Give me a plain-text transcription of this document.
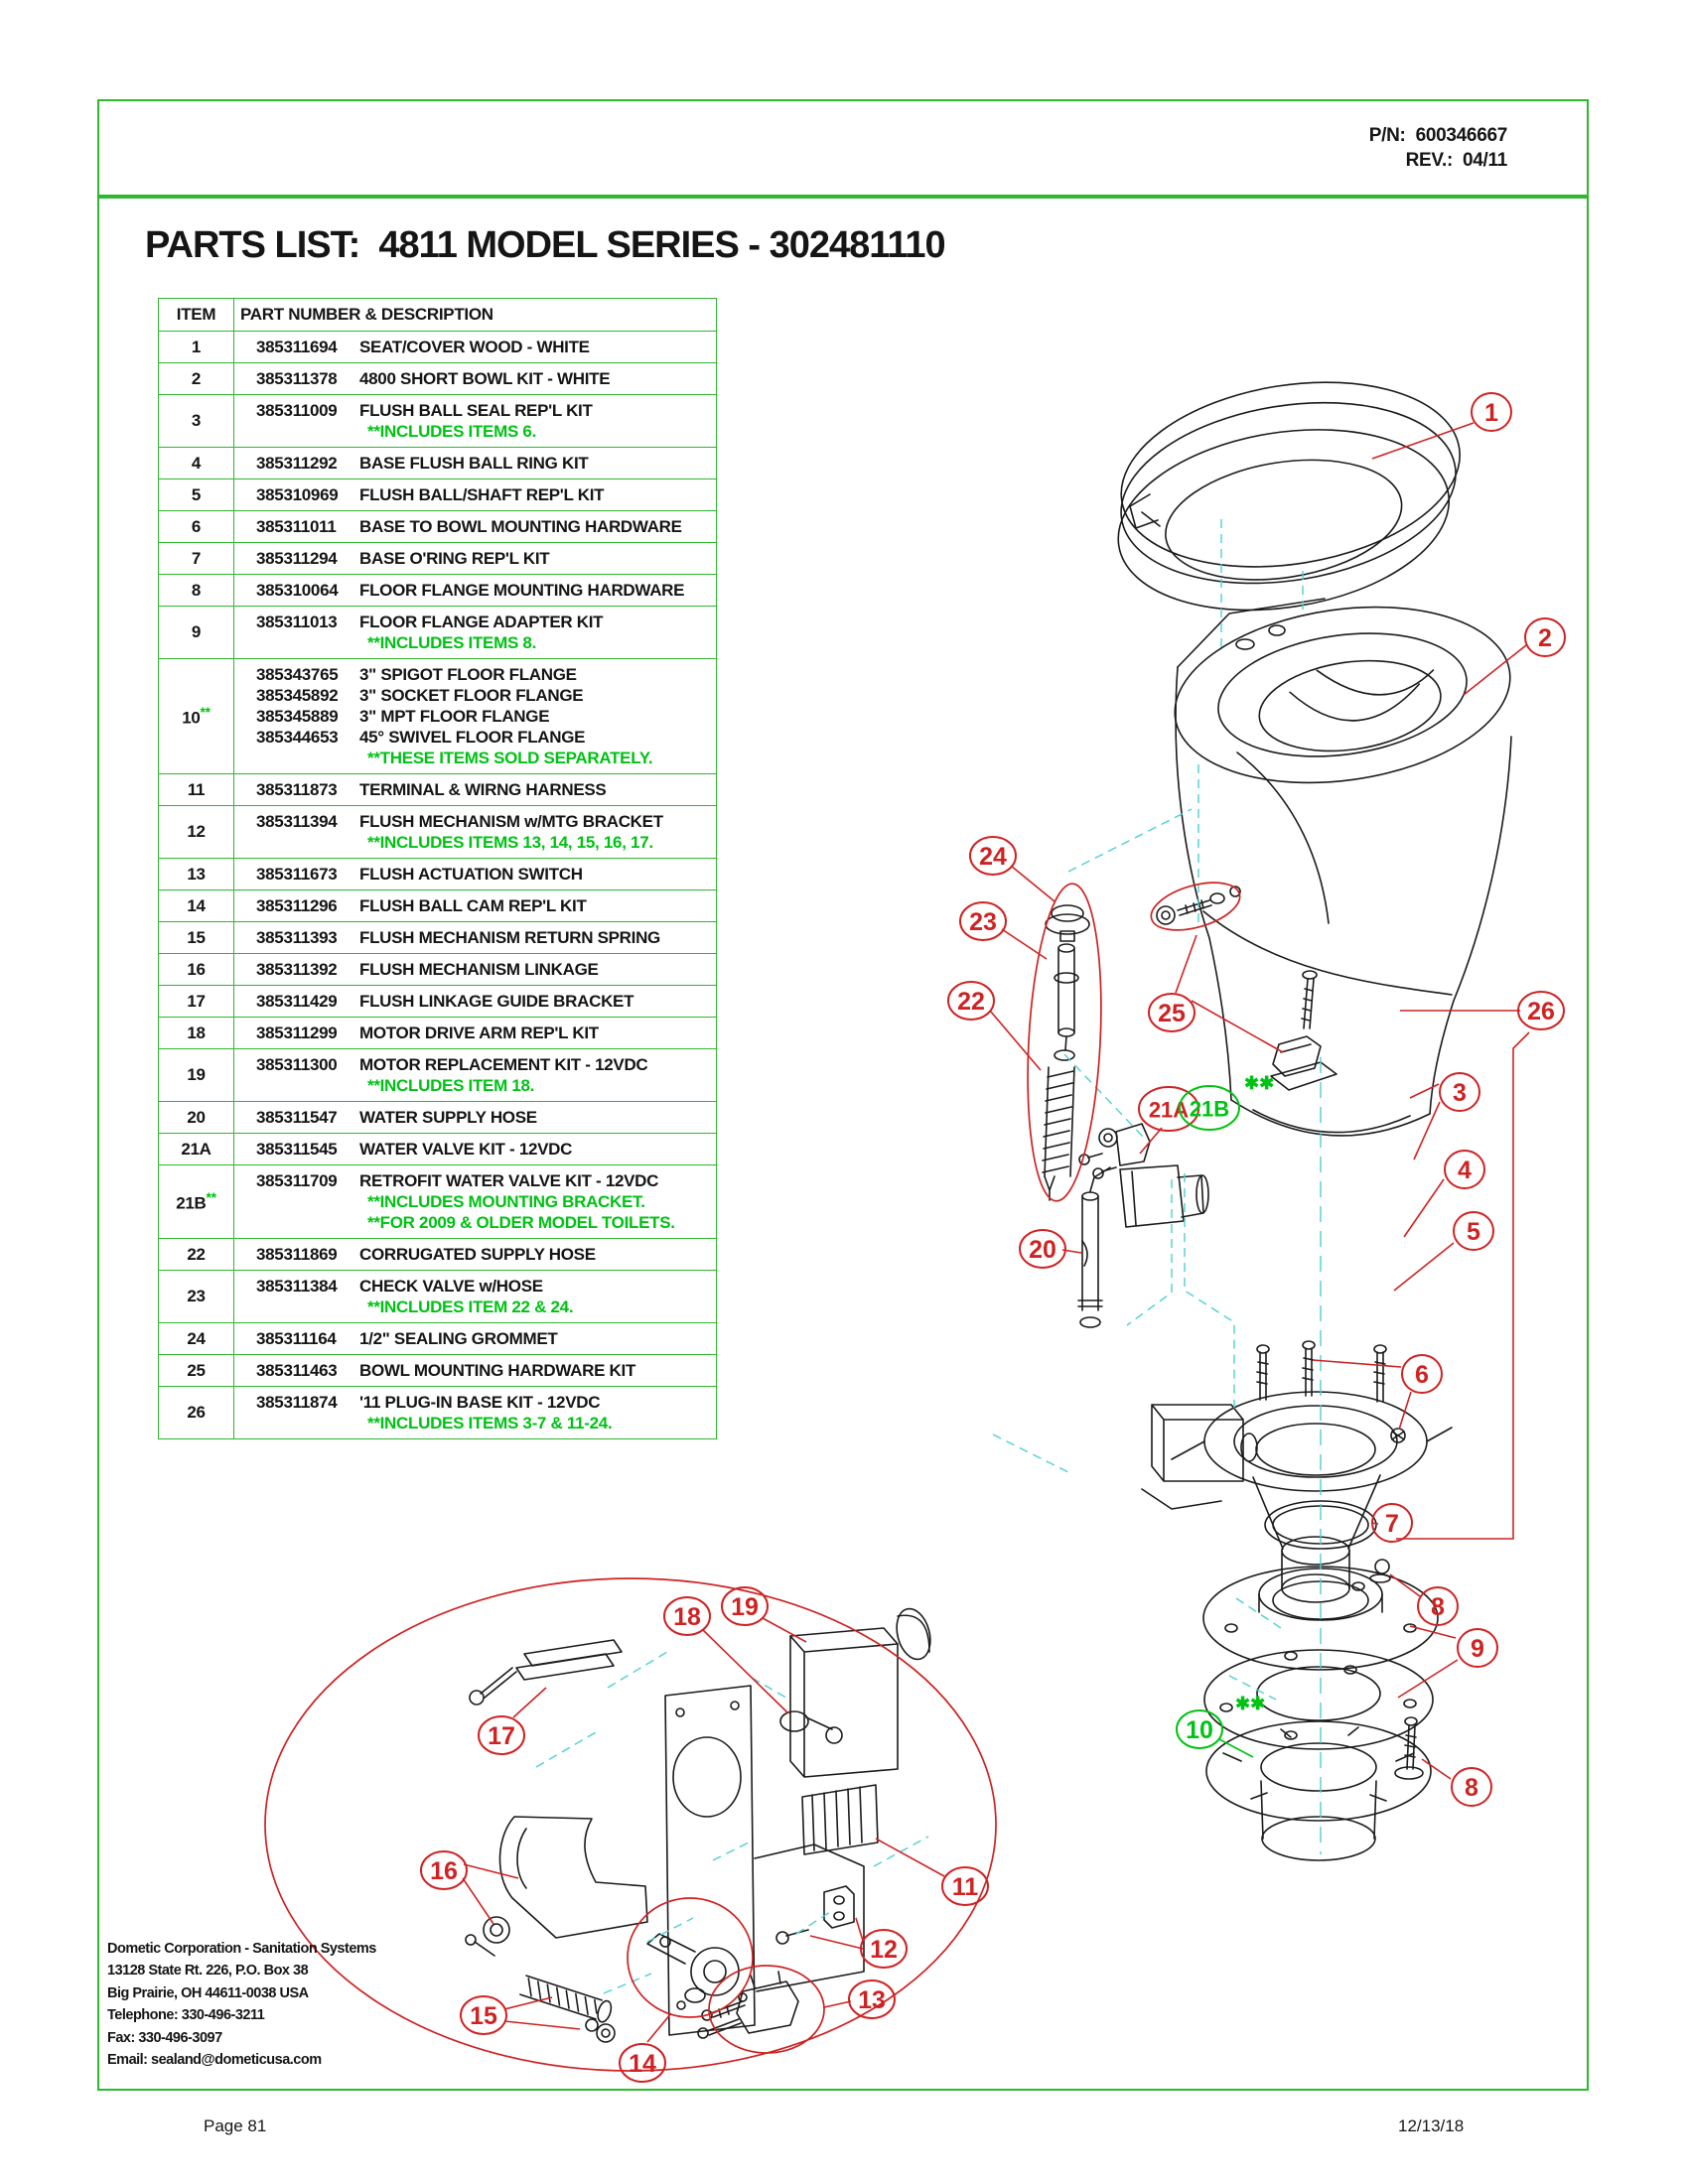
P/N: 600346667
REV.: 04/11
PARTS LIST:  4811 MODEL SERIES - 302481110
ITEM	PART NUMBER & DESCRIPTION
1	385311694 SEAT/COVER WOOD - WHITE

2	385311378 4800 SHORT BOWL KIT - WHITE

3	385311009 FLUSH BALL SEAL REP'L KIT
**INCLUDES ITEMS 6.

4	385311292 BASE FLUSH BALL RING KIT

5	385310969 FLUSH BALL/SHAFT REP'L KIT

6	385311011 BASE TO BOWL MOUNTING HARDWARE

7	385311294 BASE O'RING REP'L KIT

8	385310064 FLOOR FLANGE MOUNTING HARDWARE

9	385311013 FLOOR FLANGE ADAPTER KIT
**INCLUDES ITEMS 8.

10**	
385343765	3" SPIGOT FLOOR FLANGE
385345892	3" SOCKET FLOOR FLANGE
385345889	3" MPT FLOOR FLANGE
385344653	45° SWIVEL FLOOR FLANGE
**THESE ITEMS SOLD SEPARATELY.

11	385311873 TERMINAL & WIRNG HARNESS

12	385311394 FLUSH MECHANISM w/MTG BRACKET
**INCLUDES ITEMS 13, 14, 15, 16, 17.

13	385311673 FLUSH ACTUATION SWITCH

14	385311296 FLUSH BALL CAM REP'L KIT

15	385311393 FLUSH MECHANISM RETURN SPRING

16	385311392 FLUSH MECHANISM LINKAGE

17	385311429 FLUSH LINKAGE GUIDE BRACKET

18	385311299 MOTOR DRIVE ARM REP'L KIT

19	385311300 MOTOR REPLACEMENT KIT - 12VDC
**INCLUDES ITEM 18.

20	385311547 WATER SUPPLY HOSE

21A	385311545 WATER VALVE KIT - 12VDC

21B**	385311709 RETROFIT WATER VALVE KIT - 12VDC
**INCLUDES MOUNTING BRACKET.
**FOR 2009 & OLDER MODEL TOILETS.

22	385311869 CORRUGATED SUPPLY HOSE

23	385311384 CHECK VALVE w/HOSE
**INCLUDES ITEM 22 & 24.

24	385311164 1/2" SEALING GROMMET

25	385311463 BOWL MOUNTING HARDWARE KIT

26	385311874 '11 PLUG-IN BASE KIT - 12VDC
**INCLUDES ITEMS 3-7 & 11-24.
1
2
24
23
22	25	26
3
21A 21B
✱✱
4
5
20
6
7
8
9
10
✱✱
8
17
18 19
16
11
15
14
12
13
Dometic Corporation - Sanitation Systems
13128 State Rt. 226, P.O. Box 38
Big Prairie, OH 44611-0038 USA
Telephone: 330-496-3211
Fax: 330-496-3097
Email: sealand@dometicusa.com
Page 81	12/13/18
